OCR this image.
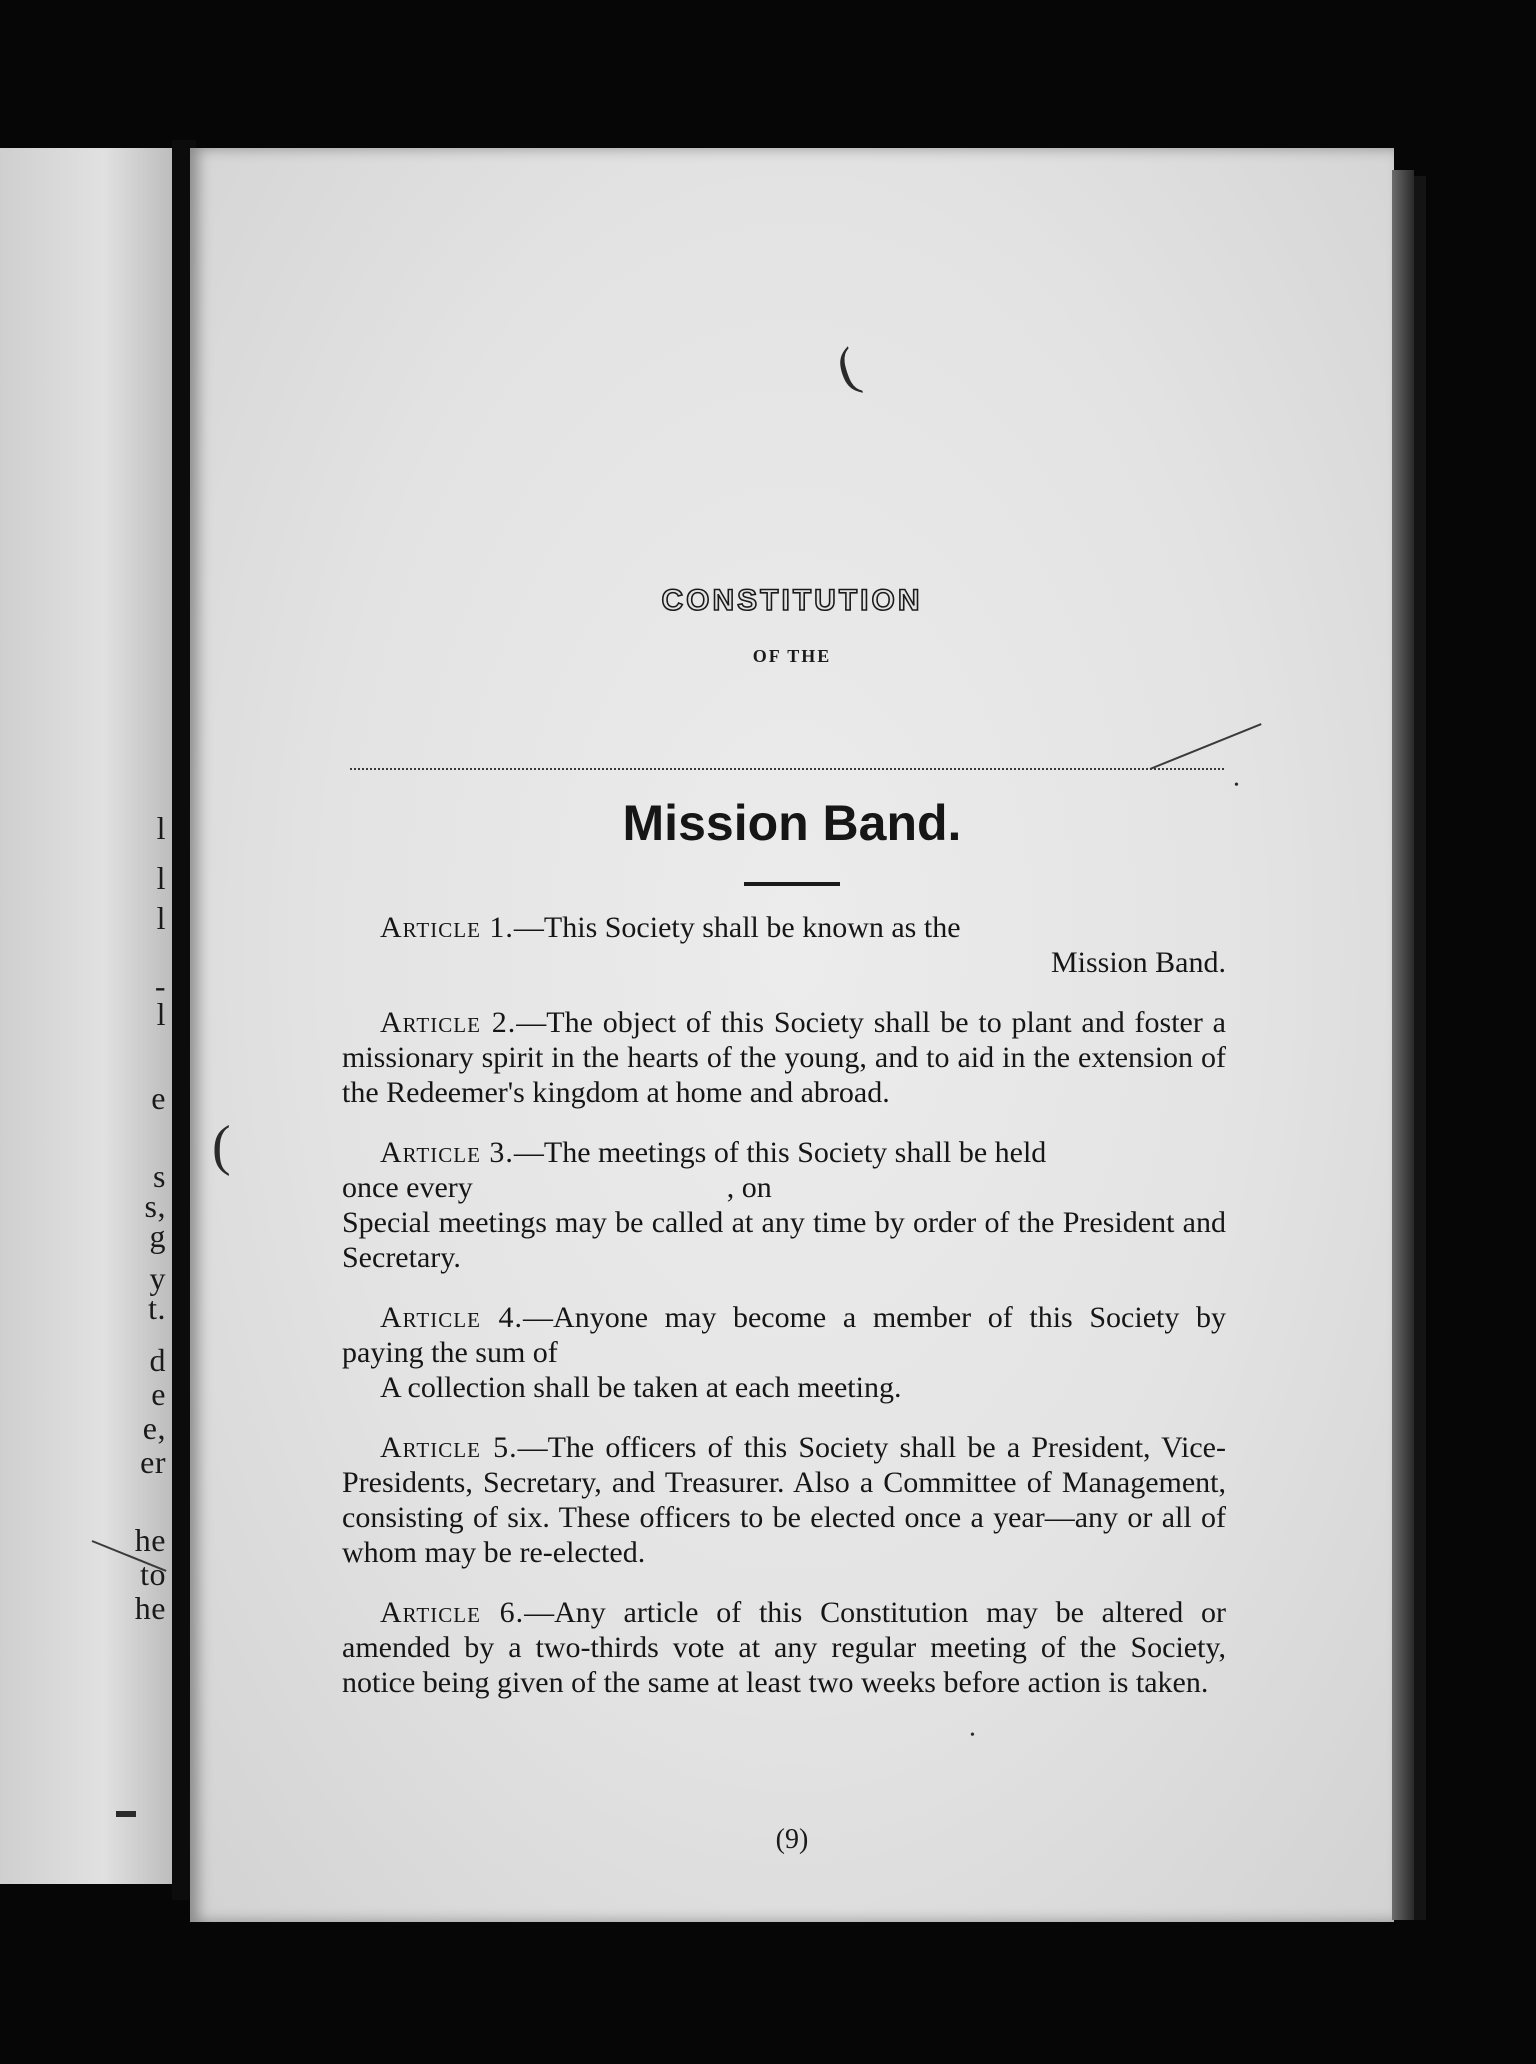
l
l
l
-
l
e
s
s,
g
y
t.
d
e
e,
er
he
to
he
▬
(
CONSTITUTION
OF THE
Mission Band.

Article 1.—This Society shall be known as the

Mission Band.

Article 2.—The object of this Society shall be to plant and foster a missionary spirit in the hearts of the young, and to aid in the extension of the Redeemer's kingdom at home and abroad.

Article 3.—The meetings of this Society shall be held

once every	, on

Special meetings may be called at any time by order of the President and Secretary.

Article 4.—Anyone may become a member of this Society by paying the sum of

A collection shall be taken at each meeting.

Article 5.—The officers of this Society shall be a President, Vice-Presidents, Secretary, and Treasurer. Also a Committee of Management, consisting of six. These officers to be elected once a year—any or all of whom may be re-elected.

Article 6.—Any article of this Constitution may be altered or amended by a two-thirds vote at any regular meeting of the Society, notice being given of the same at least two weeks before action is taken.

(9)
(
•
•
